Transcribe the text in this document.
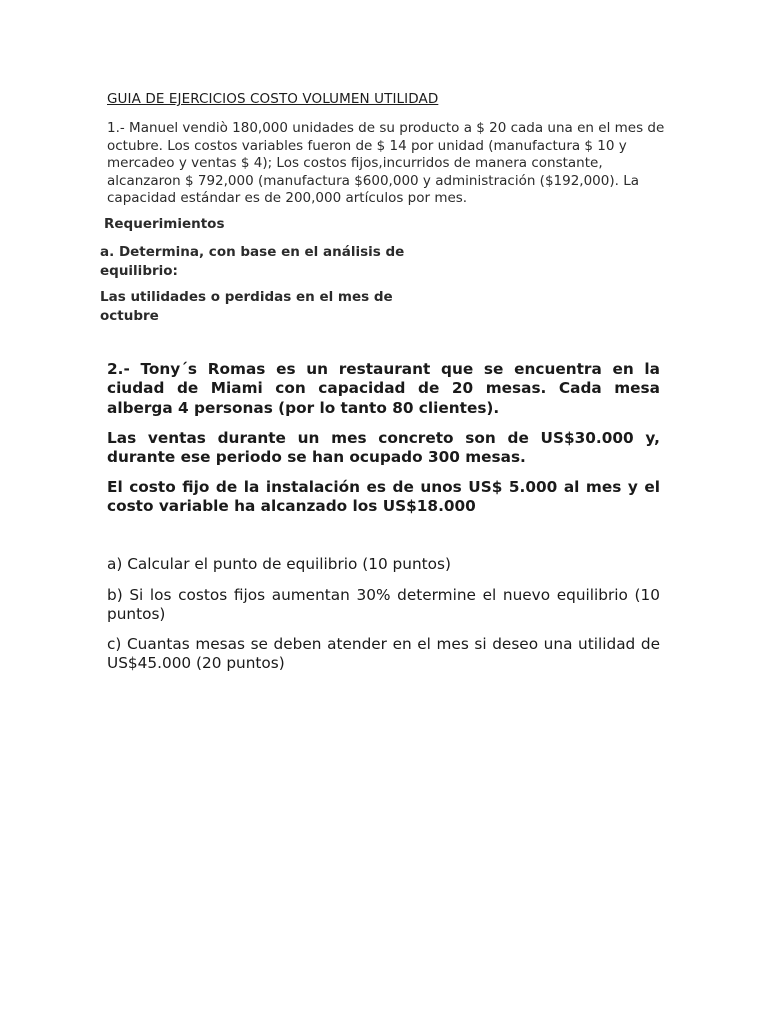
GUIA DE EJERCICIOS COSTO VOLUMEN UTILIDAD
1.- Manuel vendiò 180,000 unidades de su producto a $ 20 cada una en el mes de octubre. Los costos variables fueron de $ 14 por unidad (manufactura $ 10 y mercadeo y ventas $ 4); Los costos fijos,incurridos de manera constante, alcanzaron $ 792,000 (manufactura $600,000 y administración ($192,000). La capacidad estándar es de 200,000 artículos por mes.
Requerimientos
a. Determina, con base en el análisis de equilibrio:
Las utilidades o perdidas en el mes de octubre
2.- Tony´s Romas es un restaurant que se encuentra en la ciudad de Miami con capacidad de 20 mesas. Cada mesa alberga 4 personas (por lo tanto 80 clientes).
Las ventas durante un mes concreto son de US$30.000 y, durante ese periodo se han ocupado 300 mesas.
El costo fijo de la instalación es de unos US$ 5.000 al mes y el costo variable ha alcanzado los US$18.000
a) Calcular el punto de equilibrio (10 puntos)
b) Si los costos fijos aumentan 30% determine el nuevo equilibrio (10 puntos)
c) Cuantas mesas se deben atender en el mes si deseo una utilidad de US$45.000 (20 puntos)
